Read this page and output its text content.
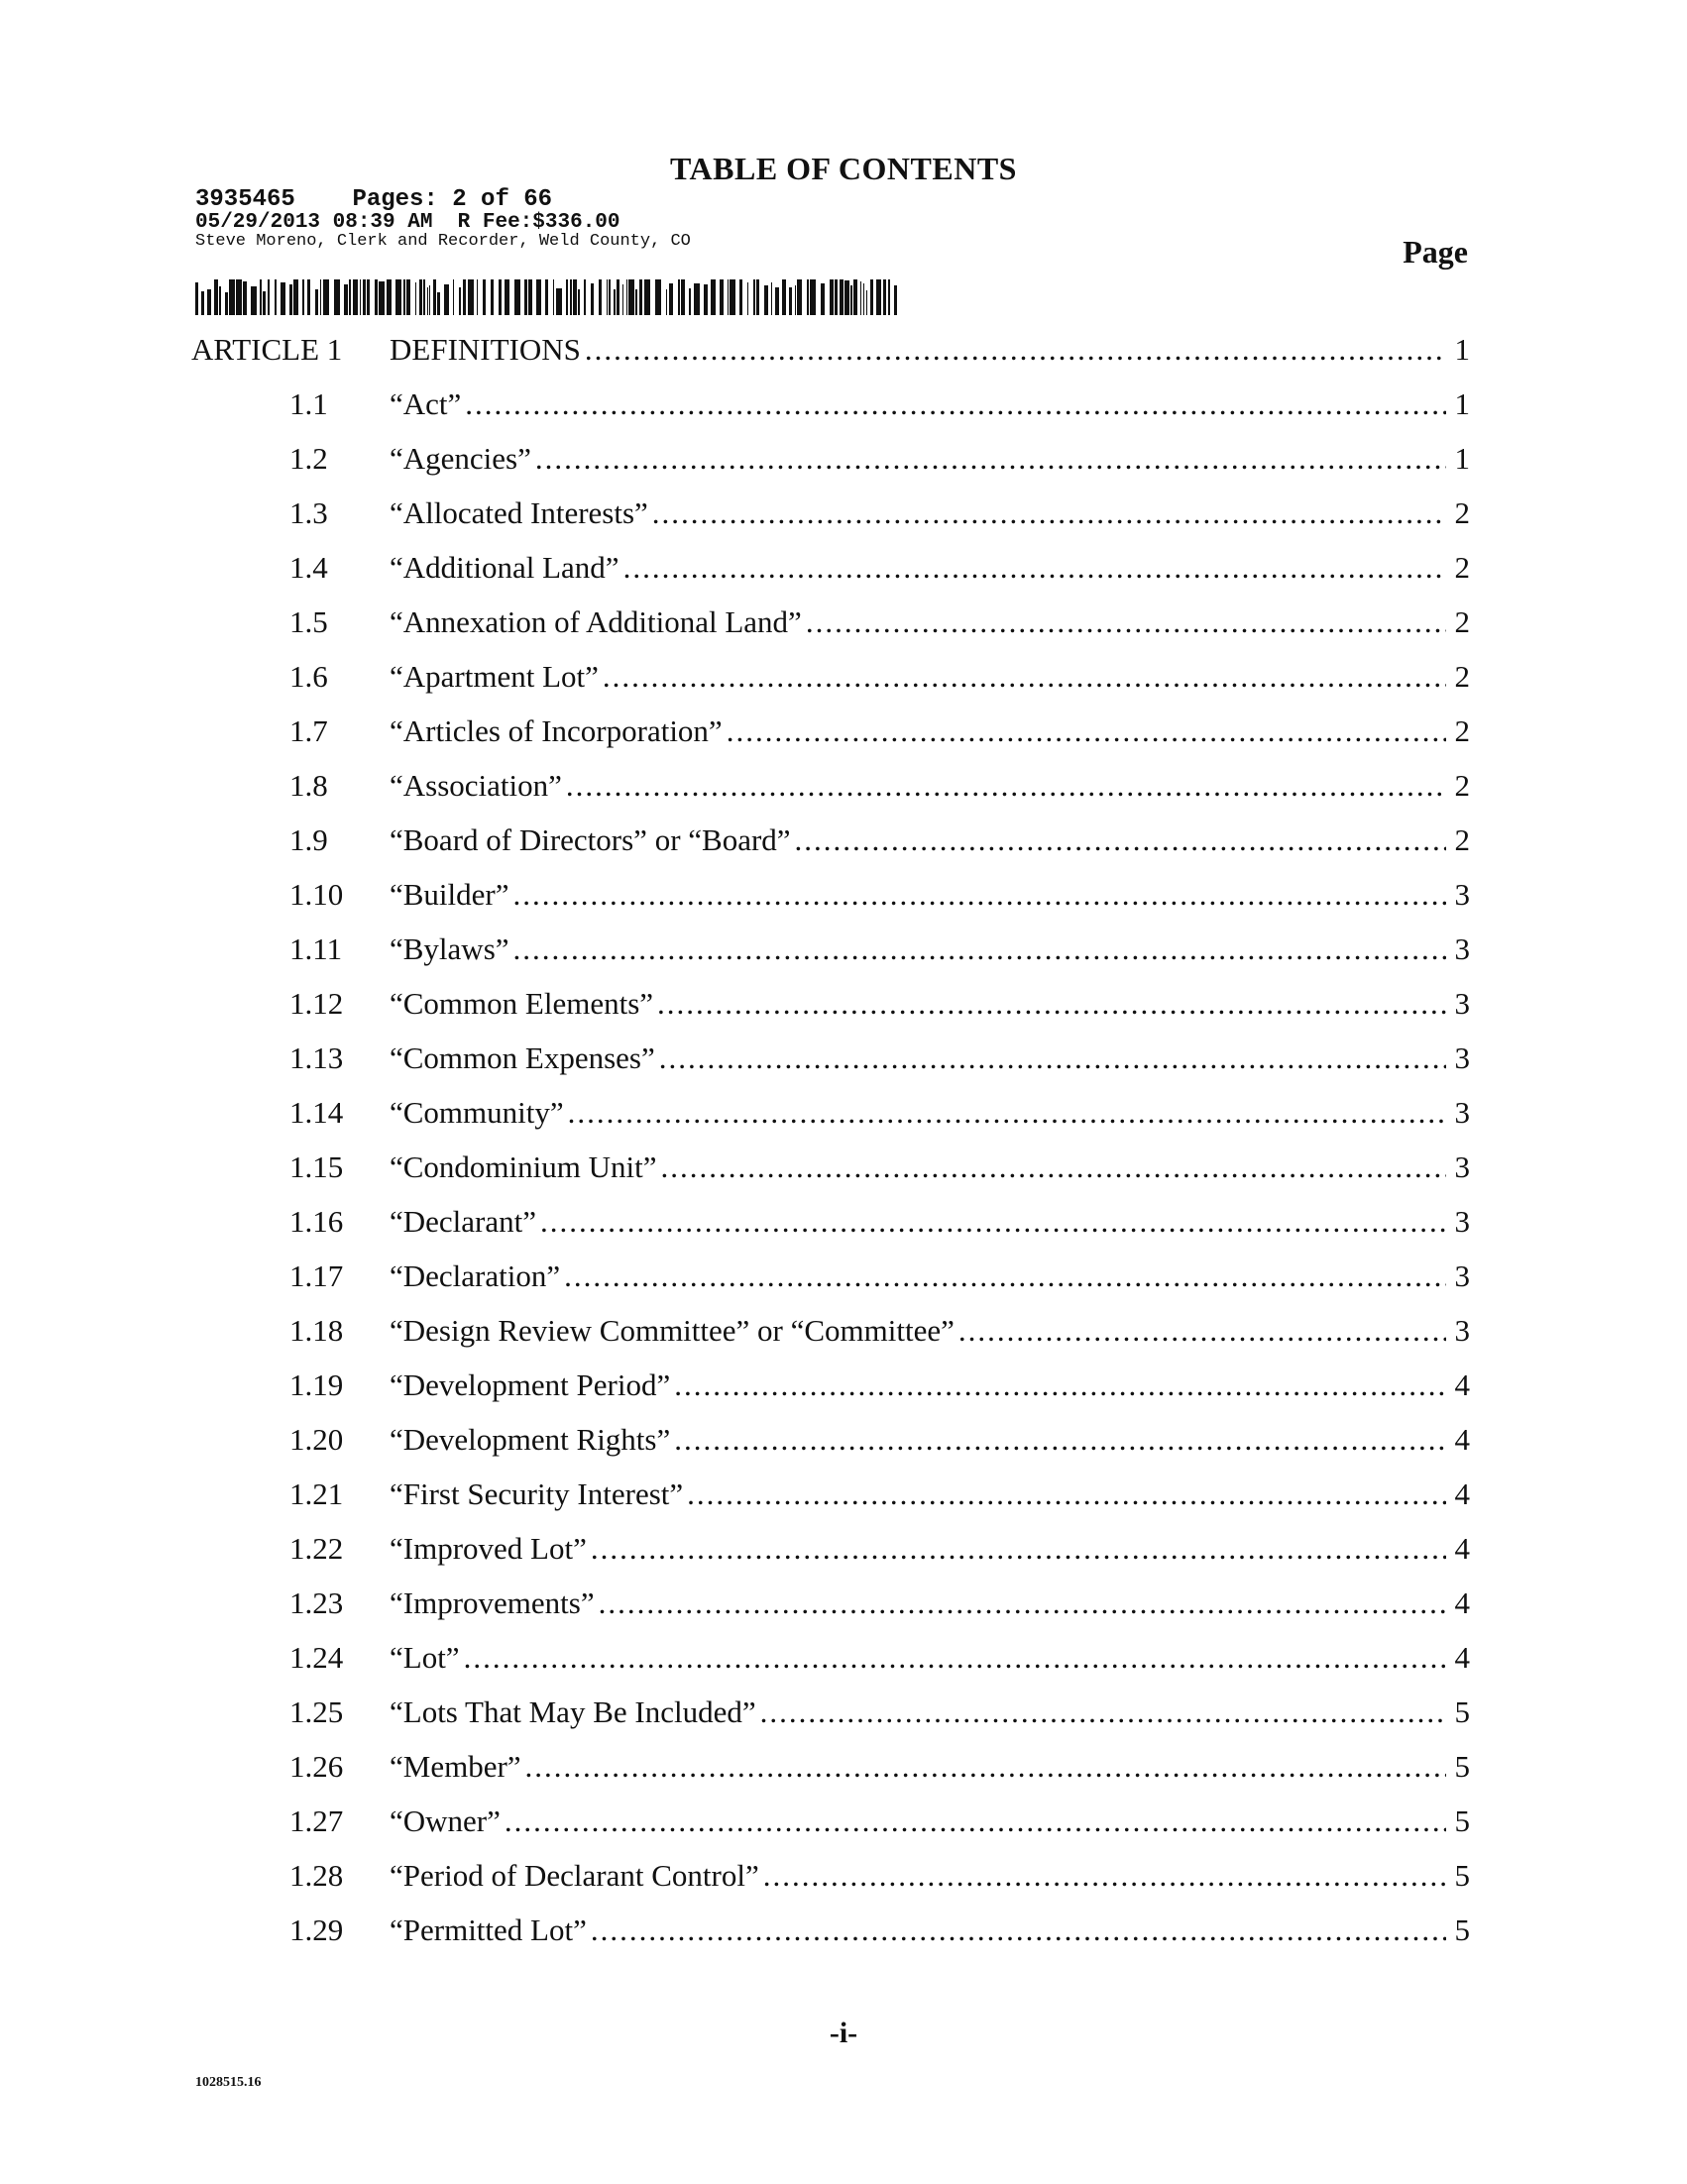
TABLE OF CONTENTS
3935465 Pages: 2 of 66
05/29/2013 08:39 AM R Fee:$336.00
Steve Moreno, Clerk and Recorder, Weld County, CO	Page
ARTICLE 1	DEFINITIONS .....	1
1.1	“Act” .....	1
1.2	“Agencies” .....	1
1.3	“Allocated Interests” .....	2
1.4	“Additional Land” .....	2
1.5	“Annexation of Additional Land” .....	2
1.6	“Apartment Lot” .....	2
1.7	“Articles of Incorporation” .....	2
1.8	“Association” .....	2
1.9	“Board of Directors” or “Board” .....	2
1.10	“Builder” .....	3
1.11	“Bylaws” .....	3
1.12	“Common Elements” .....	3
1.13	“Common Expenses” .....	3
1.14	“Community” .....	3
1.15	“Condominium Unit” .....	3
1.16	“Declarant” .....	3
1.17	“Declaration” .....	3
1.18	“Design Review Committee” or “Committee” .....	3
1.19	“Development Period” .....	4
1.20	“Development Rights” .....	4
1.21	“First Security Interest” .....	4
1.22	“Improved Lot” .....	4
1.23	“Improvements” .....	4
1.24	“Lot” .....	4
1.25	“Lots That May Be Included” .....	5
1.26	“Member” .....	5
1.27	“Owner” .....	5
1.28	“Period of Declarant Control” .....	5
1.29	“Permitted Lot” .....	5
-i-
1028515.16
